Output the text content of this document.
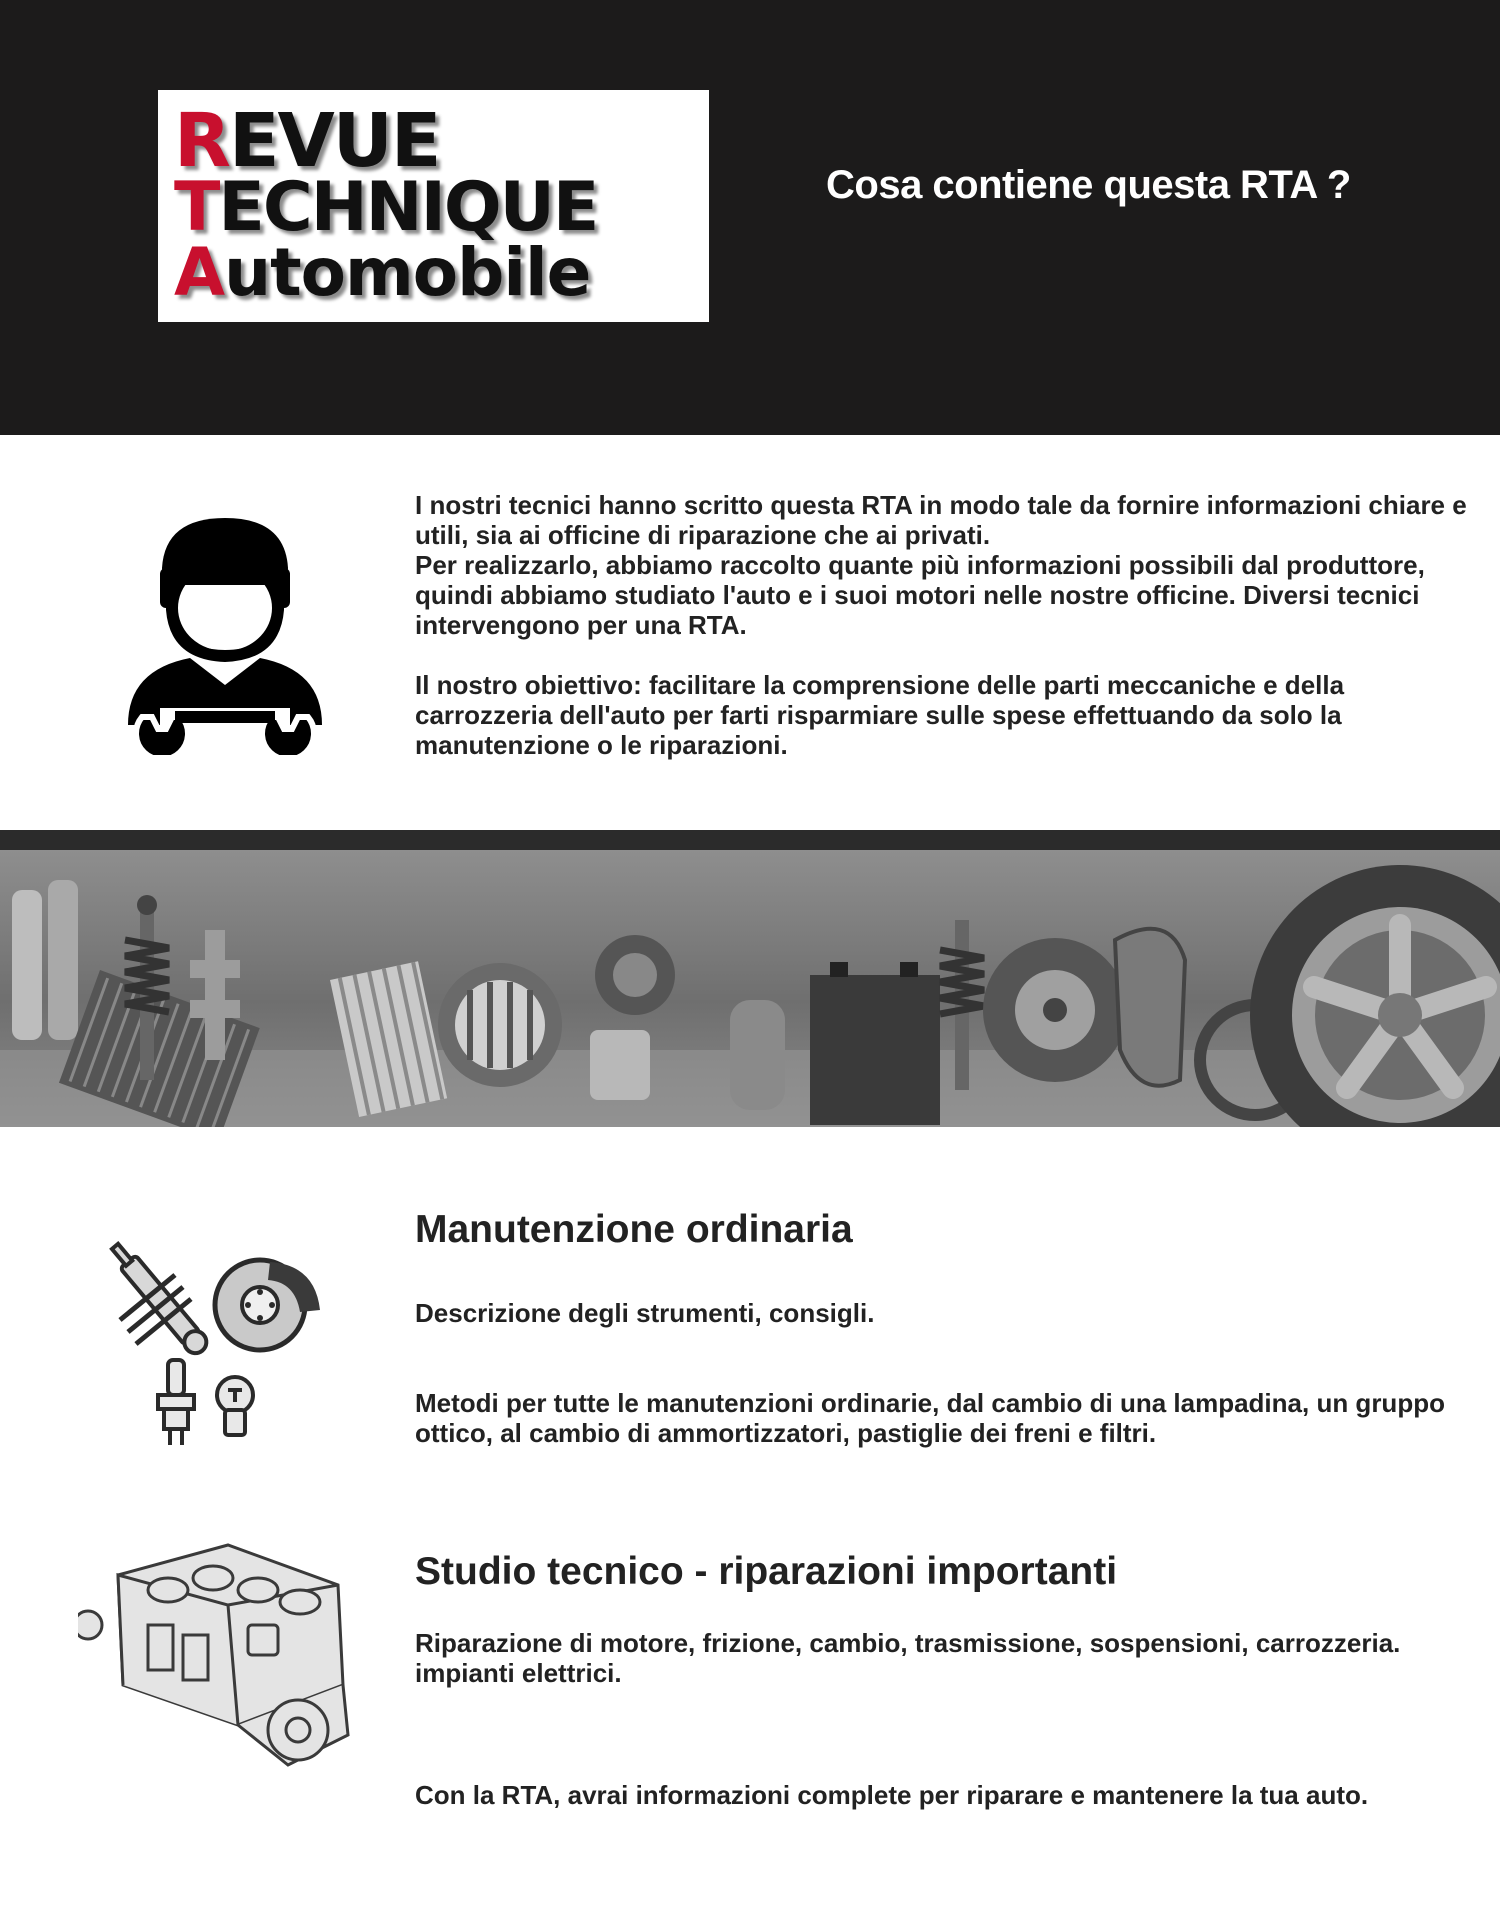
REVUE
TECHNIQUE
Automobile
Cosa contiene questa RTA ?

I nostri tecnici hanno scritto questa RTA in modo tale da fornire informazioni chiare e utili, sia ai officine di riparazione che ai privati.

Per realizzarlo, abbiamo raccolto quante più informazioni possibili dal produttore, quindi abbiamo studiato l'auto e i suoi motori nelle nostre officine. Diversi tecnici intervengono per una RTA.

Il nostro obiettivo: facilitare la comprensione delle parti meccaniche e della carrozzeria dell'auto per farti risparmiare sulle spese effettuando da solo la manutenzione o le riparazioni.

Manutenzione ordinaria

Descrizione degli strumenti, consigli.

Metodi per tutte le manutenzioni ordinarie, dal cambio di una lampadina, un gruppo ottico, al cambio di ammortizzatori, pastiglie dei freni e filtri.

Studio tecnico - riparazioni importanti

Riparazione di motore, frizione, cambio, trasmissione, sospensioni, carrozzeria.

impianti elettrici.

Con la RTA, avrai informazioni complete per riparare e mantenere la tua auto.
